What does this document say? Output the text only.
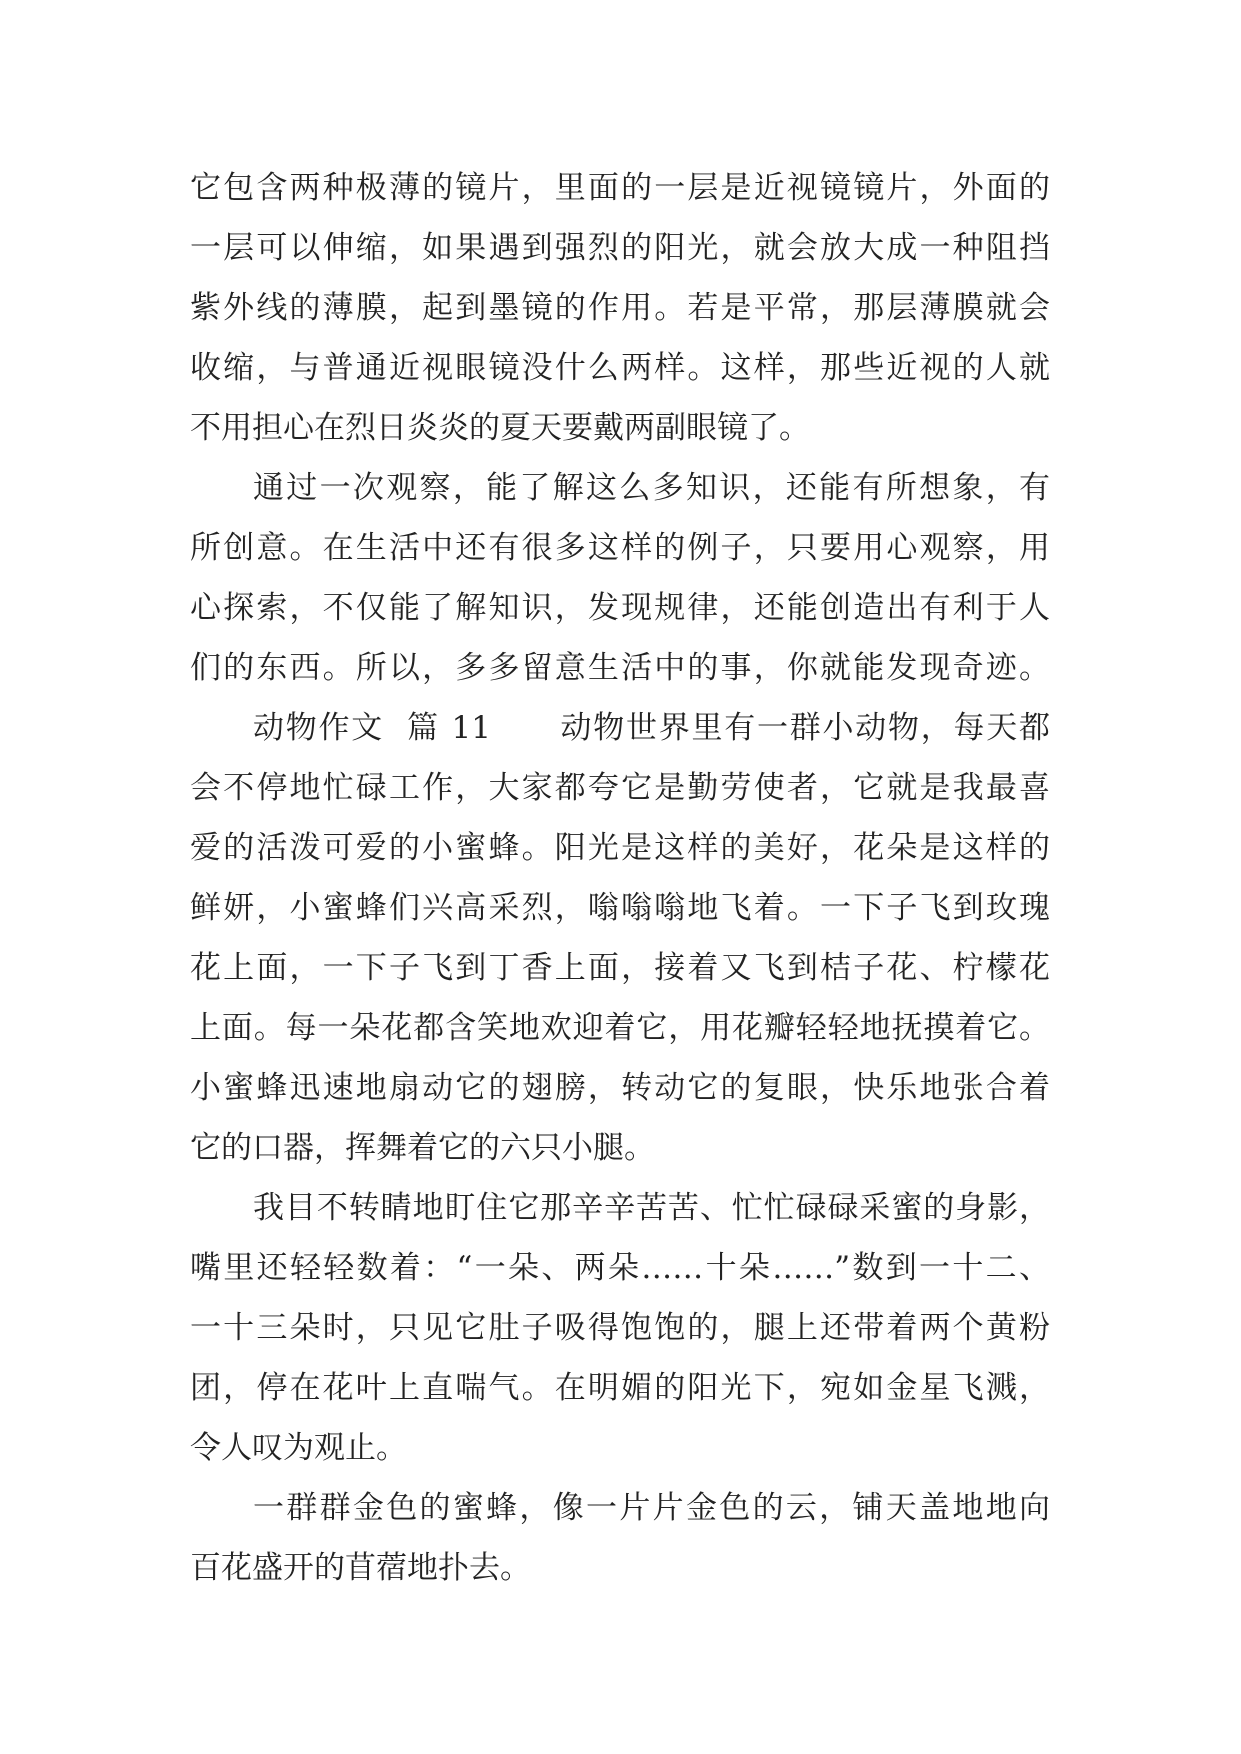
它包含两种极薄的镜片，里面的一层是近视镜镜片，外面的
一层可以伸缩，如果遇到强烈的阳光，就会放大成一种阻挡
紫外线的薄膜，起到墨镜的作用。若是平常，那层薄膜就会
收缩，与普通近视眼镜没什么两样。这样，那些近视的人就
不用担心在烈日炎炎的夏天要戴两副眼镜了。
通过一次观察，能了解这么多知识，还能有所想象，有
所创意。在生活中还有很多这样的例子，只要用心观察，用
心探索，不仅能了解知识，发现规律，还能创造出有利于人
们的东西。所以，多多留意生活中的事，你就能发现奇迹。
动物作文  篇 11      动物世界里有一群小动物，每天都
会不停地忙碌工作，大家都夸它是勤劳使者，它就是我最喜
爱的活泼可爱的小蜜蜂。阳光是这样的美好，花朵是这样的
鲜妍，小蜜蜂们兴高采烈，嗡嗡嗡地飞着。一下子飞到玫瑰
花上面，一下子飞到丁香上面，接着又飞到桔子花、柠檬花
上面。每一朵花都含笑地欢迎着它，用花瓣轻轻地抚摸着它。
小蜜蜂迅速地扇动它的翅膀，转动它的复眼，快乐地张合着
它的口器，挥舞着它的六只小腿。
我目不转睛地盯住它那辛辛苦苦、忙忙碌碌采蜜的身影，
嘴里还轻轻数着：“一朵、两朵……十朵……”数到一十二、
一十三朵时，只见它肚子吸得饱饱的，腿上还带着两个黄粉
团，停在花叶上直喘气。在明媚的阳光下，宛如金星飞溅，
令人叹为观止。
一群群金色的蜜蜂，像一片片金色的云，铺天盖地地向
百花盛开的苜蓿地扑去。
